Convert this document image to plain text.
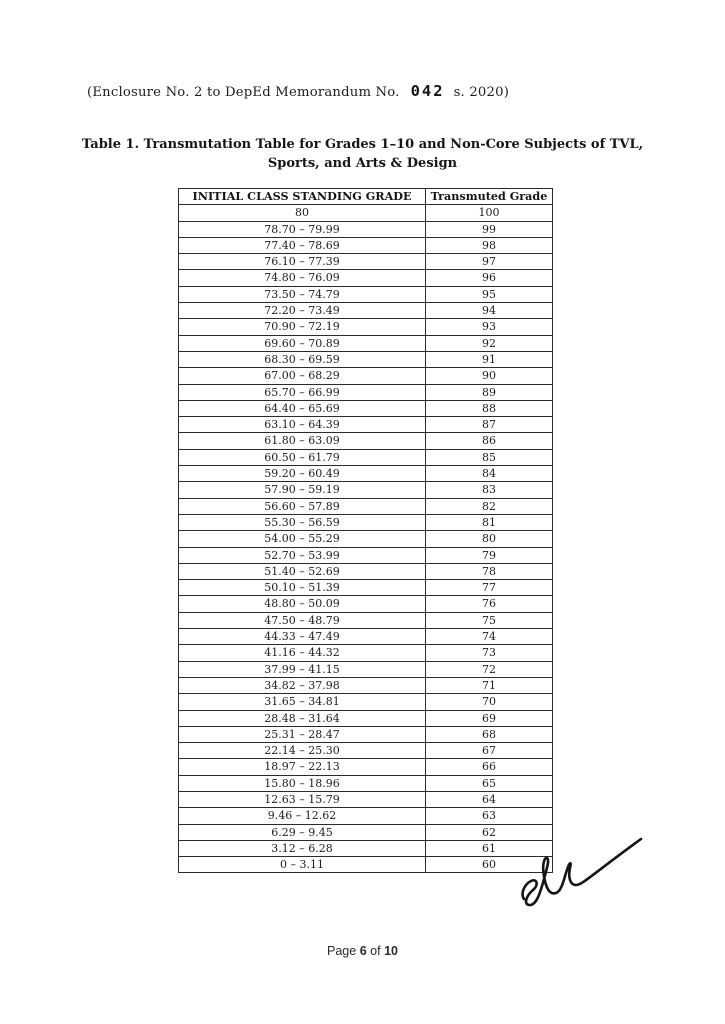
(Enclosure No. 2 to DepEd Memorandum No. 042 s. 2020)

Table 1. Transmutation Table for Grades 1–10 and Non-Core Subjects of TVL,
Sports, and Arts & Design
INITIAL CLASS STANDING GRADE	Transmuted Grade
80	100
78.70 – 79.99	99
77.40 – 78.69	98
76.10 – 77.39	97
74.80 – 76.09	96
73.50 – 74.79	95
72.20 – 73.49	94
70.90 – 72.19	93
69.60 – 70.89	92
68.30 – 69.59	91
67.00 – 68.29	90
65.70 – 66.99	89
64.40 – 65.69	88
63.10 – 64.39	87
61.80 – 63.09	86
60.50 – 61.79	85
59.20 – 60.49	84
57.90 – 59.19	83
56.60 – 57.89	82
55.30 – 56.59	81
54.00 – 55.29	80
52.70 – 53.99	79
51.40 – 52.69	78
50.10 – 51.39	77
48.80 – 50.09	76
47.50 – 48.79	75
44.33 – 47.49	74
41.16 – 44.32	73
37.99 – 41.15	72
34.82 – 37.98	71
31.65 – 34.81	70
28.48 – 31.64	69
25.31 – 28.47	68
22.14 – 25.30	67
18.97 – 22.13	66
15.80 – 18.96	65
12.63 – 15.79	64
9.46 – 12.62	63
6.29 – 9.45	62
3.12 – 6.28	61
0 – 3.11	60
Page 6 of 10
